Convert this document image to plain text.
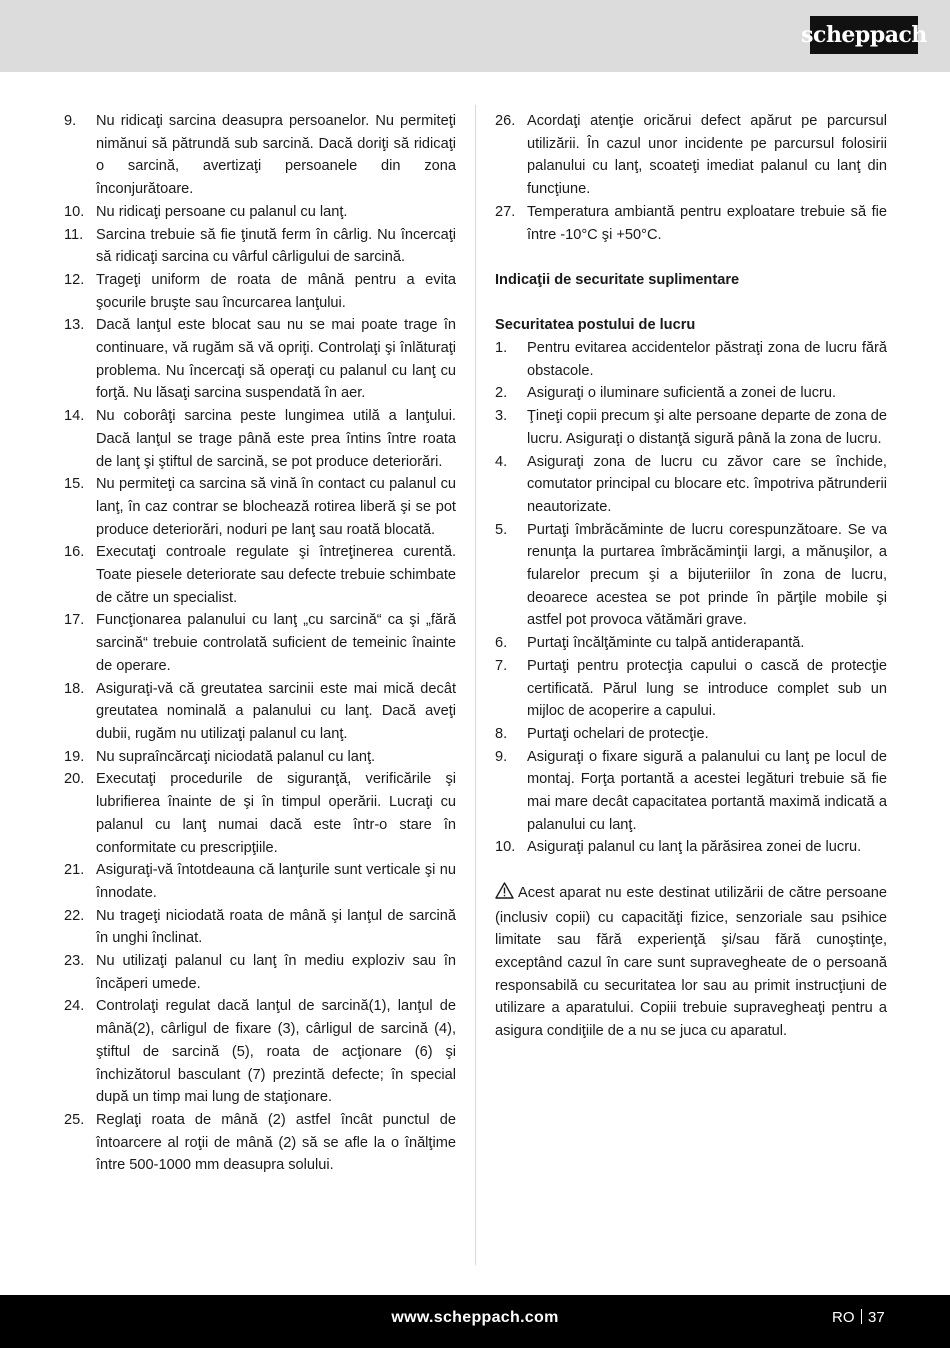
scheppach
9.	Nu ridicaţi sarcina deasupra persoanelor. Nu permiteţi nimănui să pătrundă sub sarcină. Dacă doriţi să ridicaţi o sarcină, avertizaţi persoanele din zona înconjurătoare.
10. Nu ridicaţi persoane cu palanul cu lanţ.
11. Sarcina trebuie să fie ţinută ferm în cârlig. Nu încercaţi să ridicaţi sarcina cu vârful cârligului de sarcină.
12. Trageţi uniform de roata de mână pentru a evita şocurile bruşte sau încurcarea lanţului.
13. Dacă lanţul este blocat sau nu se mai poate trage în continuare, vă rugăm să vă opriţi. Controlaţi şi înlăturaţi problema. Nu încercaţi să operaţi cu palanul cu lanţ cu forţă. Nu lăsaţi sarcina suspendată în aer.
14. Nu coborâţi sarcina peste lungimea utilă a lanţului. Dacă lanţul se trage până este prea întins între roata de lanţ şi ştiftul de sarcină, se pot produce deteriorări.
15. Nu permiteţi ca sarcina să vină în contact cu palanul cu lanţ, în caz contrar se blochează rotirea liberă şi se pot produce deteriorări, noduri pe lanţ sau roată blocată.
16. Executaţi controale regulate şi întreţinerea curentă. Toate piesele deteriorate sau defecte trebuie schimbate de către un specialist.
17. Funcţionarea palanului cu lanţ „cu sarcină“ ca şi „fără sarcină“ trebuie controlată suficient de temeinic înainte de operare.
18. Asiguraţi-vă că greutatea sarcinii este mai mică decât greutatea nominală a palanului cu lanţ. Dacă aveţi dubii, rugăm nu utilizaţi palanul cu lanţ.
19. Nu supraîncărcaţi niciodată palanul cu lanţ.
20. Executaţi procedurile de siguranţă, verificările şi lubrifierea înainte de şi în timpul operării. Lucraţi cu palanul cu lanţ numai dacă este într-o stare în conformitate cu prescripţiile.
21. Asiguraţi-vă întotdeauna că lanţurile sunt verticale şi nu înnodate.
22. Nu trageţi niciodată roata de mână şi lanţul de sarcină în unghi înclinat.
23. Nu utilizaţi palanul cu lanţ în mediu exploziv sau în încăperi umede.
24. Controlaţi regulat dacă lanţul de sarcină(1), lanţul de mână(2), cârligul de fixare (3), cârligul de sarcină (4), ştiftul de sarcină (5), roata de acţionare (6) şi închizătorul basculant (7) prezintă defecte; în special după un timp mai lung de staţionare.
25. Reglaţi roata de mână (2) astfel încât punctul de întoarcere al roţii de mână (2) să se afle la o înălţime între 500-1000 mm deasupra solului.
26. Acordaţi atenţie oricărui defect apărut pe parcursul utilizării. În cazul unor incidente pe parcursul folosirii palanului cu lanţ, scoateţi imediat palanul cu lanţ din funcţiune.
27. Temperatura ambiantă pentru exploatare trebuie să fie între -10°C şi +50°C.
Indicaţii de securitate suplimentare
Securitatea postului de lucru
1.	Pentru evitarea accidentelor păstraţi zona de lucru fără obstacole.
2.	Asiguraţi o iluminare suficientă a zonei de lucru.
3.	Ţineţi copii precum şi alte persoane departe de zona de lucru. Asiguraţi o distanţă sigură până la zona de lucru.
4.	Asiguraţi zona de lucru cu zăvor care se închide, comutator principal cu blocare etc. împotriva pătrunderii neautorizate.
5.	Purtaţi îmbrăcăminte de lucru corespunzătoare. Se va renunţa la purtarea îmbrăcăminţii largi, a mănuşilor, a fularelor precum şi a bijuteriilor în zona de lucru, deoarece acestea se pot prinde în părţile mobile şi astfel pot provoca vătămări grave.
6.	Purtaţi încălţăminte cu talpă antiderapantă.
7.	Purtaţi pentru protecţia capului o cască de protecţie certificată. Părul lung se introduce complet sub un mijloc de acoperire a capului.
8.	Purtaţi ochelari de protecţie.
9.	Asiguraţi o fixare sigură a palanului cu lanţ pe locul de montaj. Forţa portantă a acestei legături trebuie să fie mai mare decât capacitatea portantă maximă indicată a palanului cu lanţ.
10. Asiguraţi palanul cu lanţ la părăsirea zonei de lucru.
Acest aparat nu este destinat utilizării de către persoane (inclusiv copii) cu capacităţi fizice, senzoriale sau psihice limitate sau fără experienţă şi/sau fără cunoştinţe, exceptând cazul în care sunt supravegheate de o persoană responsabilă cu securitatea lor sau au primit instrucţiuni de utilizare a aparatului. Copiii trebuie supravegheaţi pentru a asigura condiţiile de a nu se juca cu aparatul.
www.scheppach.com	RO 37
